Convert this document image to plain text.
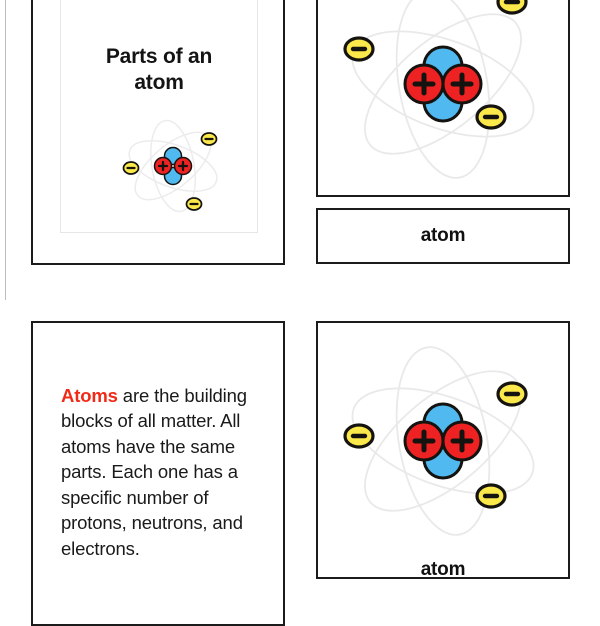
Parts of an
atom
atom

Atoms are the building blocks of all matter. All atoms have the same parts. Each one has a specific number of protons, neutrons, and electrons.

atom
